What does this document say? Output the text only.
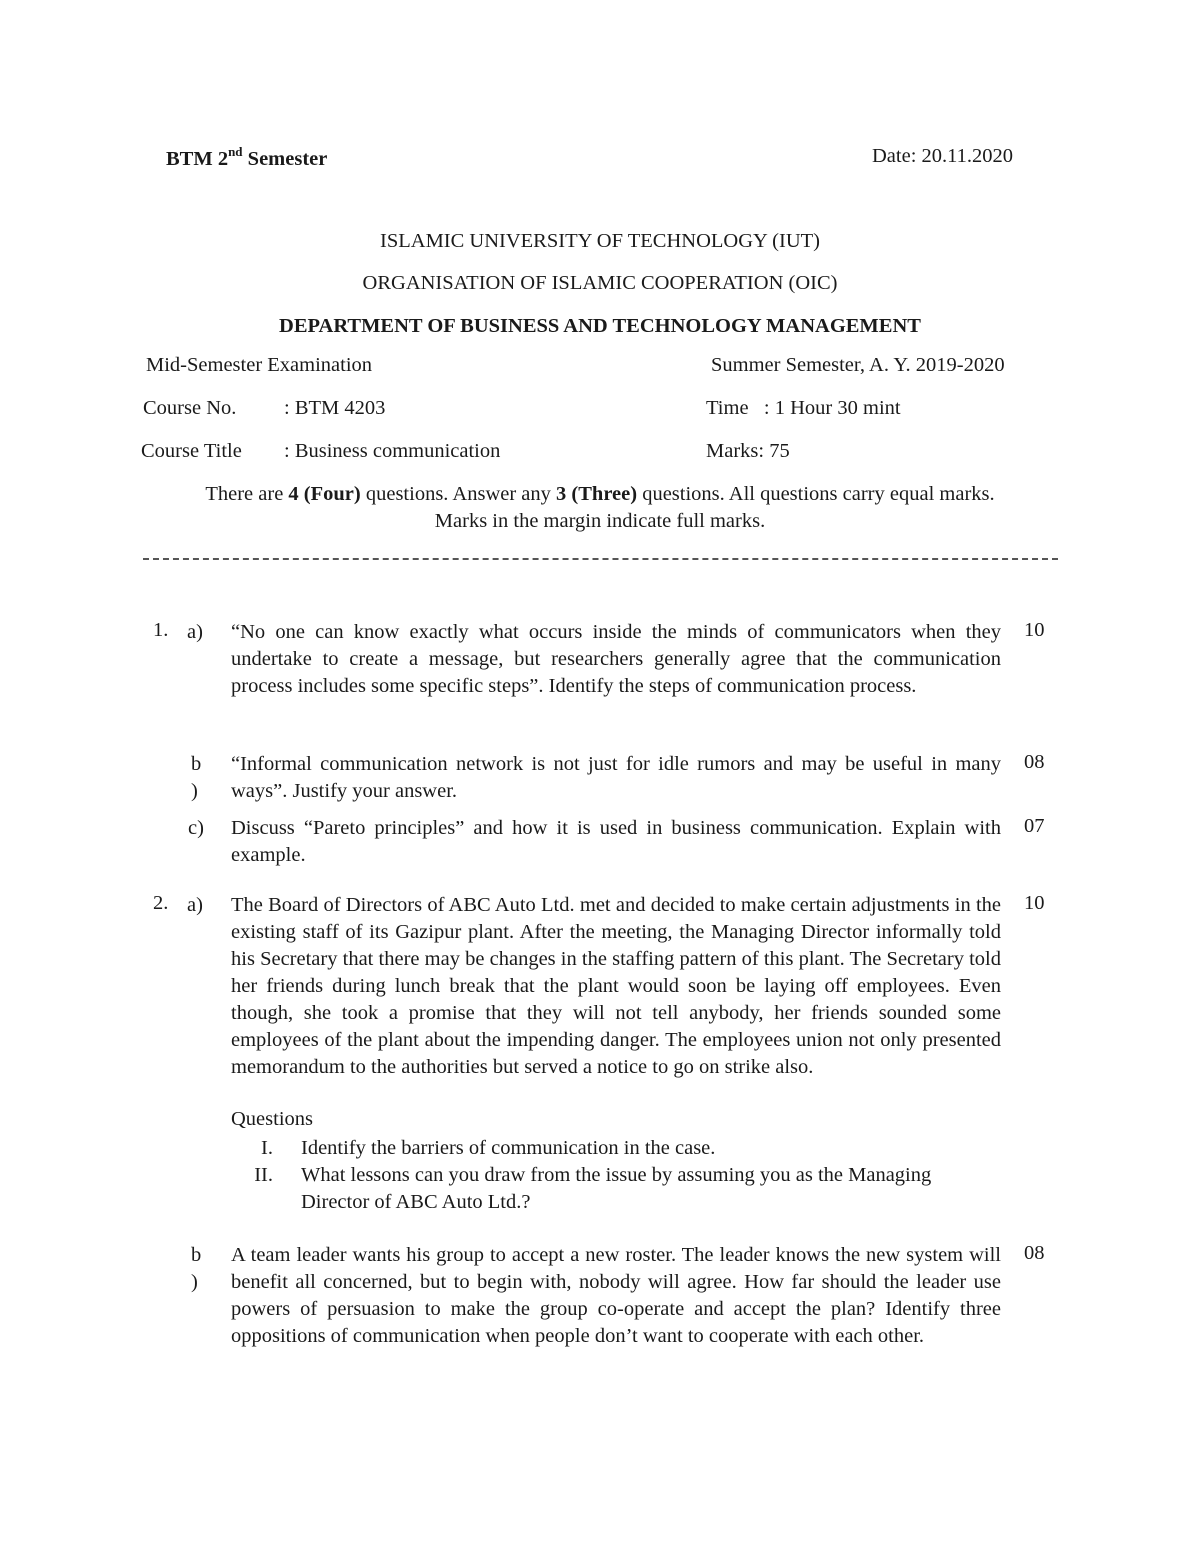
BTM 2nd Semester	Date: 20.11.2020
ISLAMIC UNIVERSITY OF TECHNOLOGY (IUT)
ORGANISATION OF ISLAMIC COOPERATION (OIC)
DEPARTMENT OF BUSINESS AND TECHNOLOGY MANAGEMENT
Mid-Semester Examination	Summer Semester, A. Y. 2019-2020
Course No. : BTM 4203	Time   : 1 Hour 30 mint
Course Title : Business communication	Marks: 75
There are 4 (Four) questions. Answer any 3 (Three) questions. All questions carry equal marks.
Marks in the margin indicate full marks.
1. a)	“No one can know exactly what occurs inside the minds of communicators when they undertake to create a message, but researchers generally agree that the communication process includes some specific steps”. Identify the steps of communication process.
10
b
)
“Informal communication network is not just for idle rumors and may be useful in many ways”. Justify your answer.
08
c)	Discuss “Pareto principles” and how it is used in business communication. Explain with example.
07
2. a)	The Board of Directors of ABC Auto Ltd. met and decided to make certain adjustments in the existing staff of its Gazipur plant. After the meeting, the Managing Director informally told his Secretary that there may be changes in the staffing pattern of this plant. The Secretary told her friends during lunch break that the plant would soon be laying off employees. Even though, she took a promise that they will not tell anybody, her friends sounded some employees of the plant about the impending danger. The employees union not only presented memorandum to the authorities but served a notice to go on strike also.
10
Questions
I. Identify the barriers of communication in the case.
II. What lessons can you draw from the issue by assuming you as the Managing Director of ABC Auto Ltd.?
b
)
A team leader wants his group to accept a new roster. The leader knows the new system will benefit all concerned, but to begin with, nobody will agree. How far should the leader use powers of persuasion to make the group co-operate and accept the plan? Identify three oppositions of communication when people don’t want to cooperate with each other.
08
